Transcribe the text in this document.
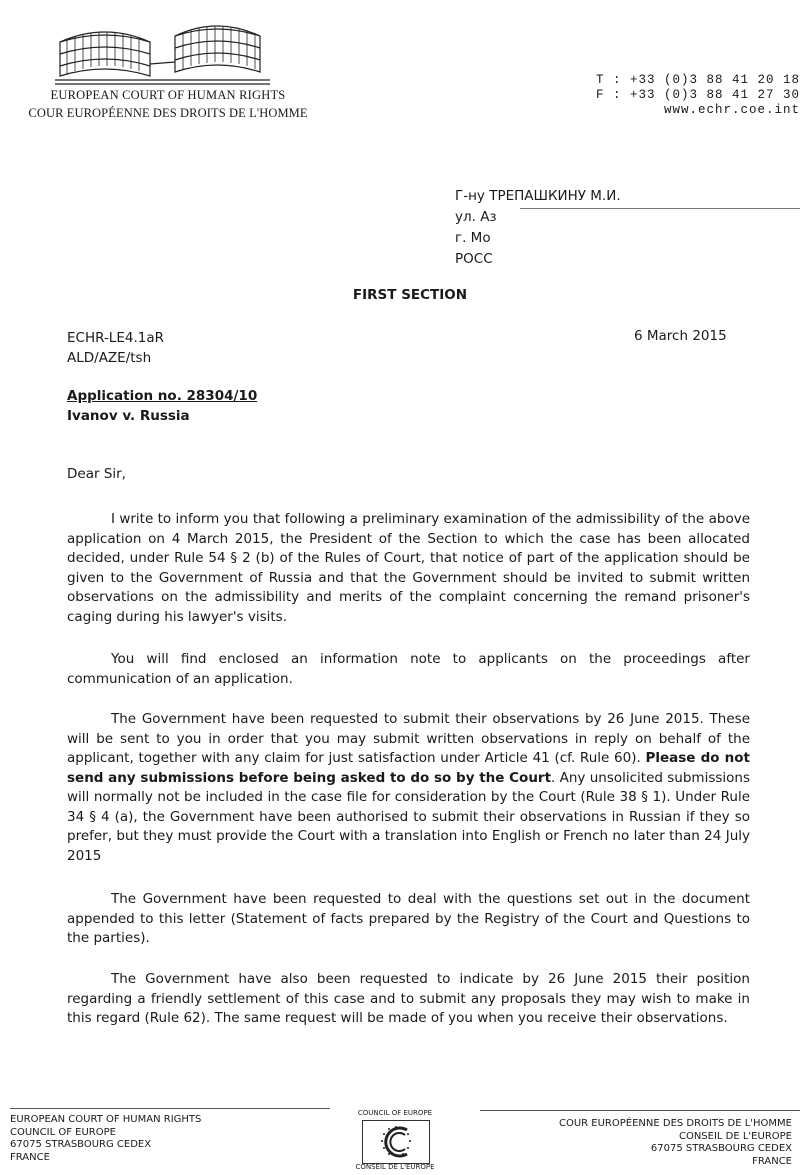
EUROPEAN COURT OF HUMAN RIGHTS
COUR EUROPÉENNE DES DROITS DE L'HOMME
T : +33 (0)3 88 41 20 18
F : +33 (0)3 88 41 27 30
www.echr.coe.int
Г-ну ТРЕПАШКИНУ М.И.
ул. Аз
г. Мо
РОСС
FIRST SECTION
ECHR-LE4.1aR
ALD/AZE/tsh
6 March 2015
Application no. 28304/10
Ivanov v. Russia
Dear Sir,

I write to inform you that following a preliminary examination of the admissibility of the above application on 4 March 2015, the President of the Section to which the case has been allocated decided, under Rule 54 § 2 (b) of the Rules of Court, that notice of part of the application should be given to the Government of Russia and that the Government should be invited to submit written observations on the admissibility and merits of the complaint concerning the remand prisoner's caging during his lawyer's visits.

You will find enclosed an information note to applicants on the proceedings after communication of an application.

The Government have been requested to submit their observations by 26 June 2015. These will be sent to you in order that you may submit written observations in reply on behalf of the applicant, together with any claim for just satisfaction under Article 41 (cf. Rule 60). Please do not send any submissions before being asked to do so by the Court. Any unsolicited submissions will normally not be included in the case file for consideration by the Court (Rule 38 § 1). Under Rule 34 § 4 (a), the Government have been authorised to submit their observations in Russian if they so prefer, but they must provide the Court with a translation into English or French no later than 24 July 2015

The Government have been requested to deal with the questions set out in the document appended to this letter (Statement of facts prepared by the Registry of the Court and Questions to the parties).

The Government have also been requested to indicate by 26 June 2015 their position regarding a friendly settlement of this case and to submit any proposals they may wish to make in this regard (Rule 62). The same request will be made of you when you receive their observations.

EUROPEAN COURT OF HUMAN RIGHTS
COUNCIL OF EUROPE
67075 STRASBOURG CEDEX
FRANCE
COUNCIL OF EUROPE
CONSEIL DE L'EUROPE
COUR EUROPÉENNE DES DROITS DE L'HOMME
CONSEIL DE L'EUROPE
67075 STRASBOURG CEDEX
FRANCE
